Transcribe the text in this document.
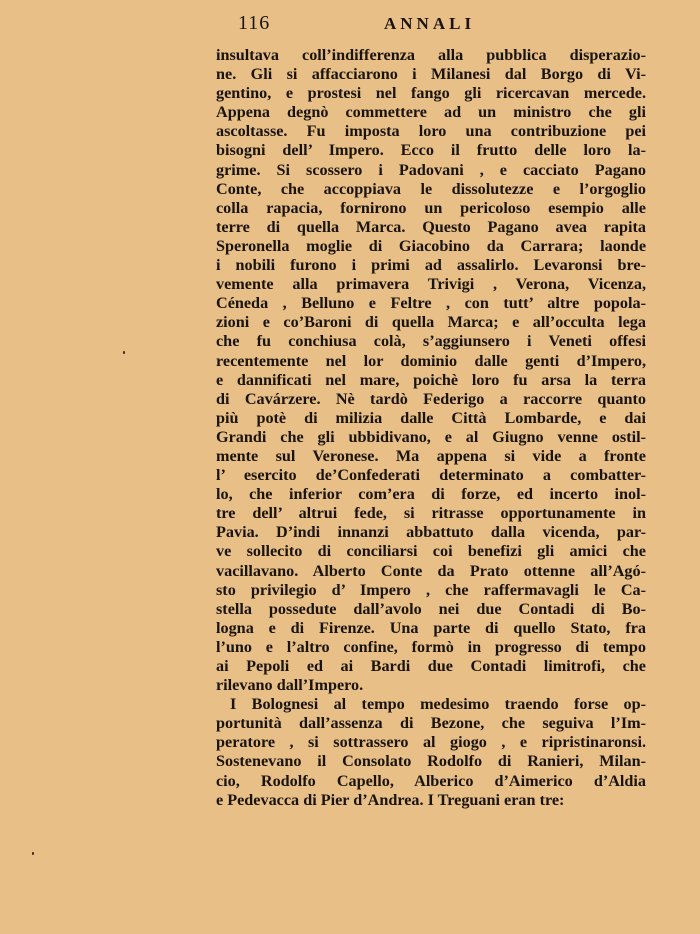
116	ANNALI
insultava coll’indifferenza alla pubblica disperazio-
ne. Gli si affacciarono i Milanesi dal Borgo di Vi-
gentino, e prostesi nel fango gli ricercavan mercede.
Appena degnò commettere ad un ministro che gli
ascoltasse. Fu imposta loro una contribuzione pei
bisogni dell’ Impero. Ecco il frutto delle loro la-
grime. Si scossero i Padovani , e cacciato Pagano
Conte, che accoppiava le dissolutezze e l’orgoglio
colla rapacia, fornirono un pericoloso esempio alle
terre di quella Marca. Questo Pagano avea rapita
Speronella moglie di Giacobino da Carrara; laonde
i nobili furono i primi ad assalirlo. Levaronsi bre-
vemente alla primavera Trivigi , Verona, Vicenza,
Céneda , Belluno e Feltre , con tutt’ altre popola-
zioni e co’Baroni di quella Marca; e all’occulta lega
che fu conchiusa colà, s’aggiunsero i Veneti offesi
recentemente nel lor dominio dalle genti d’Impero,
e dannificati nel mare, poichè loro fu arsa la terra
di Cavárzere. Nè tardò Federigo a raccorre quanto
più potè di milizia dalle Città Lombarde, e dai
Grandi che gli ubbidivano, e al Giugno venne ostil-
mente sul Veronese. Ma appena si vide a fronte
l’ esercito de’Confederati determinato a combatter-
lo, che inferior com’era di forze, ed incerto inol-
tre dell’ altrui fede, si ritrasse opportunamente in
Pavia. D’indi innanzi abbattuto dalla vicenda, par-
ve sollecito di conciliarsi coi benefizi gli amici che
vacillavano. Alberto Conte da Prato ottenne all’Agó-
sto privilegio d’ Impero , che raffermavagli le Ca-
stella possedute dall’avolo nei due Contadi di Bo-
logna e di Firenze. Una parte di quello Stato, fra
l’uno e l’altro confine, formò in progresso di tempo
ai Pepoli ed ai Bardi due Contadi limitrofi, che
rilevano dall’Impero.
I Bolognesi al tempo medesimo traendo forse op-
portunità dall’assenza di Bezone, che seguiva l’Im-
peratore , si sottrassero al giogo , e ripristinaronsi.
Sostenevano il Consolato Rodolfo di Ranieri, Milan-
cio, Rodolfo Capello, Alberico d’Aimerico d’Aldia
e Pedevacca di Pier d’Andrea. I Treguani eran tre:
